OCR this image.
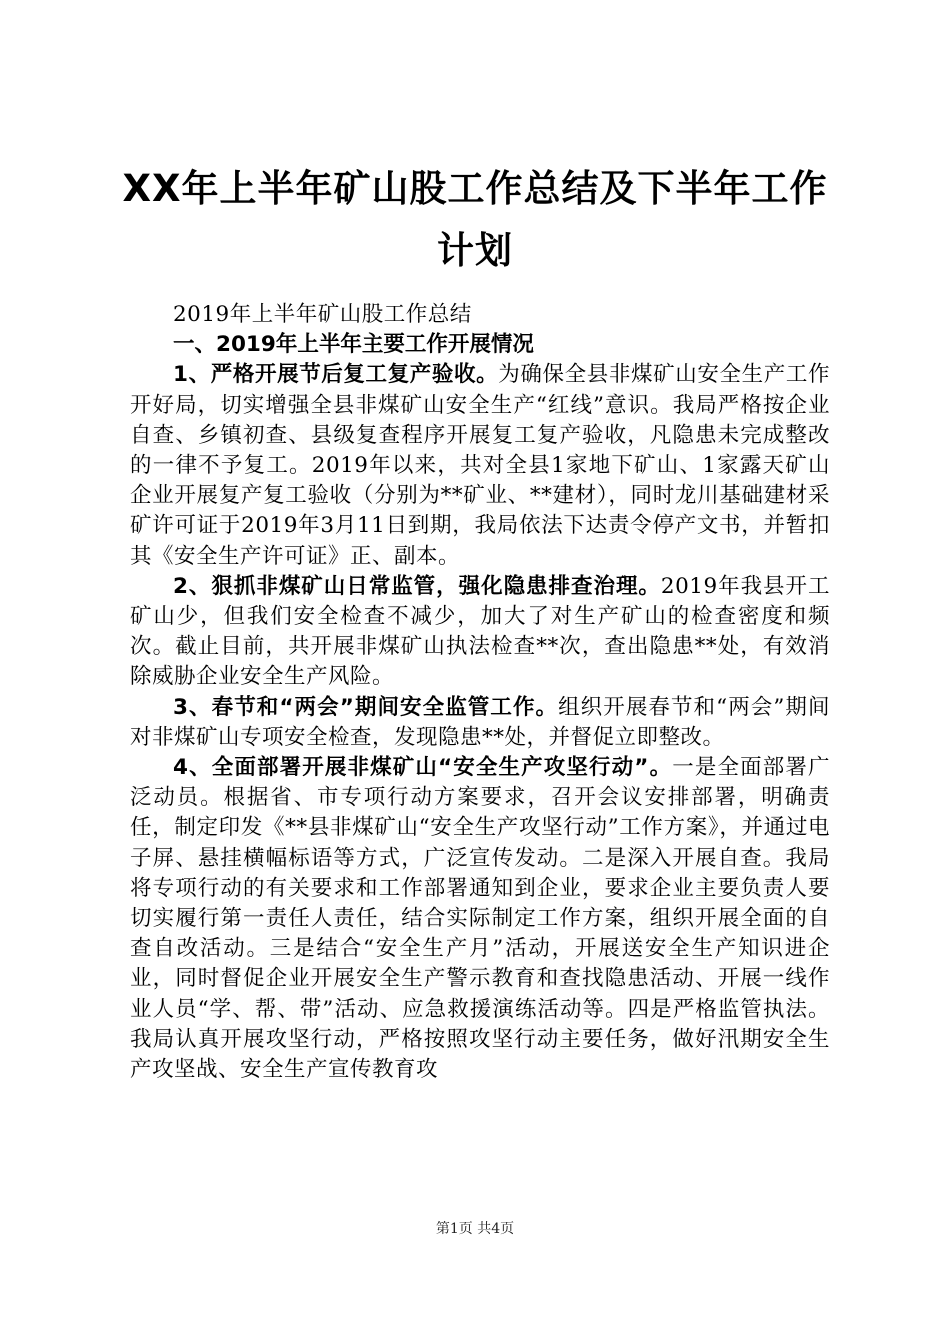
XX年上半年矿山股工作总结及下半年工作计划

2019年上半年矿山股工作总结

一、2019年上半年主要工作开展情况

1、严格开展节后复工复产验收。为确保全县非煤矿山安全生产工作开好局，切实增强全县非煤矿山安全生产“红线”意识。我局严格按企业自查、乡镇初查、县级复查程序开展复工复产验收，凡隐患未完成整改的一律不予复工。2019年以来，共对全县1家地下矿山、1家露天矿山企业开展复产复工验收（分别为**矿业、**建材），同时龙川基础建材采矿许可证于2019年3月11日到期，我局依法下达责令停产文书，并暂扣其《安全生产许可证》正、副本。

2、狠抓非煤矿山日常监管，强化隐患排查治理。2019年我县开工矿山少，但我们安全检查不减少，加大了对生产矿山的检查密度和频次。截止目前，共开展非煤矿山执法检查**次，查出隐患**处，有效消除威胁企业安全生产风险。

3、春节和“两会”期间安全监管工作。组织开展春节和“两会”期间对非煤矿山专项安全检查，发现隐患**处，并督促立即整改。

4、全面部署开展非煤矿山“安全生产攻坚行动”。一是全面部署广泛动员。根据省、市专项行动方案要求，召开会议安排部署，明确责任，制定印发《**县非煤矿山“安全生产攻坚行动”工作方案》，并通过电子屏、悬挂横幅标语等方式，广泛宣传发动。二是深入开展自查。我局将专项行动的有关要求和工作部署通知到企业，要求企业主要负责人要切实履行第一责任人责任，结合实际制定工作方案，组织开展全面的自查自改活动。三是结合“安全生产月”活动，开展送安全生产知识进企业，同时督促企业开展安全生产警示教育和查找隐患活动、开展一线作业人员“学、帮、带”活动、应急救援演练活动等。四是严格监管执法。我局认真开展攻坚行动，严格按照攻坚行动主要任务，做好汛期安全生产攻坚战、安全生产宣传教育攻

第1页 共4页
